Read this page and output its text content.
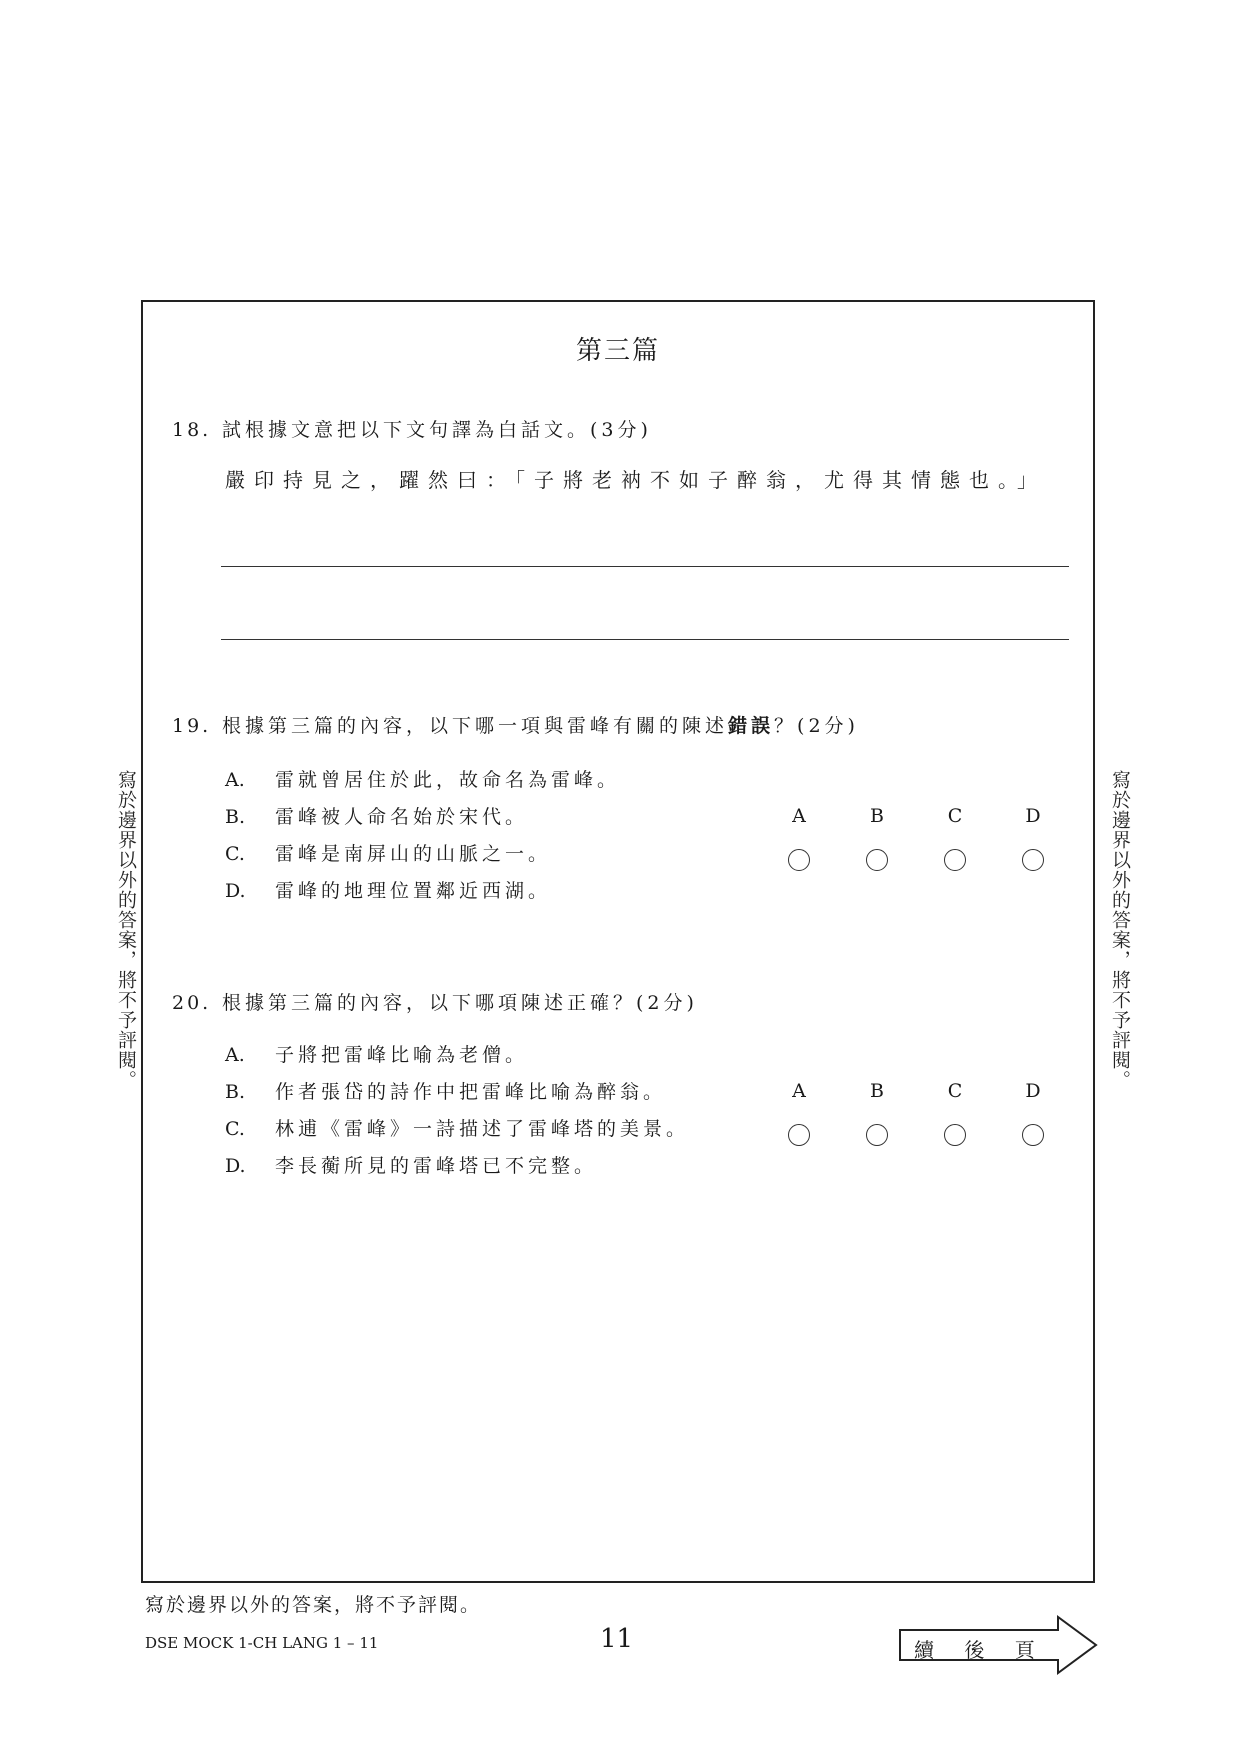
寫於邊界以外的答案，將不予評閱。	寫於邊界以外的答案，將不予評閱。
第三篇
18. 試根據文意把以下文句譯為白話文。(3分)
嚴印持見之，躍然曰：「子將老衲不如子醉翁，尤得其情態也。」
19. 根據第三篇的內容，以下哪一項與雷峰有關的陳述錯誤？(2分)
A. 雷就曾居住於此，故命名為雷峰。
B. 雷峰被人命名始於宋代。
C. 雷峰是南屏山的山脈之一。
D. 雷峰的地理位置鄰近西湖。
A	B	C	D
20. 根據第三篇的內容，以下哪項陳述正確？(2分)
A. 子將把雷峰比喻為老僧。
B. 作者張岱的詩作中把雷峰比喻為醉翁。
C. 林逋《雷峰》一詩描述了雷峰塔的美景。
D. 李長蘅所見的雷峰塔已不完整。
A	B	C	D
寫於邊界以外的答案，將不予評閱。
DSE MOCK 1-CH LANG 1 – 11	11	續 後 頁
